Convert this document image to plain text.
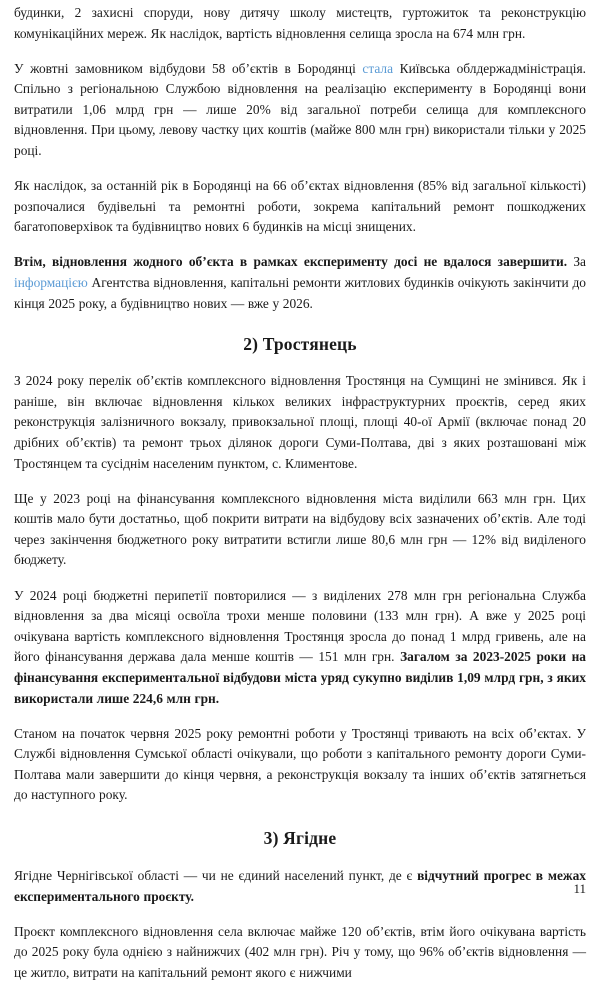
будинки, 2 захисні споруди, нову дитячу школу мистецтв, гуртожиток та реконструкцію комунікаційних мереж. Як наслідок, вартість відновлення селища зросла на 674 млн грн.

У жовтні замовником відбудови 58 об’єктів в Бородянці стала Київська облдержадміністрація. Спільно з регіональною Службою відновлення на реалізацію експерименту в Бородянці вони витратили 1,06 млрд грн — лише 20% від загальної потреби селища для комплексного відновлення. При цьому, левову частку цих коштів (майже 800 млн грн) використали тільки у 2025 році.

Як наслідок, за останній рік в Бородянці на 66 об’єктах відновлення (85% від загальної кількості) розпочалися будівельні та ремонтні роботи, зокрема капітальний ремонт пошкоджених багатоповерхівок та будівництво нових 6 будинків на місці знищених.

Втім, відновлення жодного об’єкта в рамках експерименту досі не вдалося завершити. За інформацією Агентства відновлення, капітальні ремонти житлових будинків очікують закінчити до кінця 2025 року, а будівництво нових — вже у 2026.

2) Тростянець

З 2024 року перелік об’єктів комплексного відновлення Тростянця на Сумщині не змінився. Як і раніше, він включає відновлення кількох великих інфраструктурних проєктів, серед яких реконструкція залізничного вокзалу, привокзальної площі, площі 40-ої Армії (включає понад 20 дрібних об’єктів) та ремонт трьох ділянок дороги Суми-Полтава, дві з яких розташовані між Тростянцем та сусіднім населеним пунктом, с. Климентове.

Ще у 2023 році на фінансування комплексного відновлення міста виділили 663 млн грн. Цих коштів мало бути достатньо, щоб покрити витрати на відбудову всіх зазначених об’єктів. Але тоді через закінчення бюджетного року витратити встигли лише 80,6 млн грн — 12% від виділеного бюджету.

У 2024 році бюджетні перипетії повторилися — з виділених 278 млн грн регіональна Служба відновлення за два місяці освоїла трохи менше половини (133 млн грн). А вже у 2025 році очікувана вартість комплексного відновлення Тростянця зросла до понад 1 млрд гривень, але на його фінансування держава дала менше коштів — 151 млн грн. Загалом за 2023-2025 роки на фінансування експериментальної відбудови міста уряд сукупно виділив 1,09 млрд грн, з яких використали лише 224,6 млн грн.

Станом на початок червня 2025 року ремонтні роботи у Тростянці тривають на всіх об’єктах. У Службі відновлення Сумської області очікували, що роботи з капітального ремонту дороги Суми-Полтава мали завершити до кінця червня, а реконструкція вокзалу та інших об’єктів затягнеться до наступного року.

3) Ягідне

Ягідне Чернігівської області — чи не єдиний населений пункт, де є відчутний прогрес в межах експериментального проєкту.

Проєкт комплексного відновлення села включає майже 120 об’єктів, втім його очікувана вартість до 2025 року була однією з найнижчих (402 млн грн). Річ у тому, що 96% об’єктів відновлення — це житло, витрати на капітальний ремонт якого є нижчими

11
